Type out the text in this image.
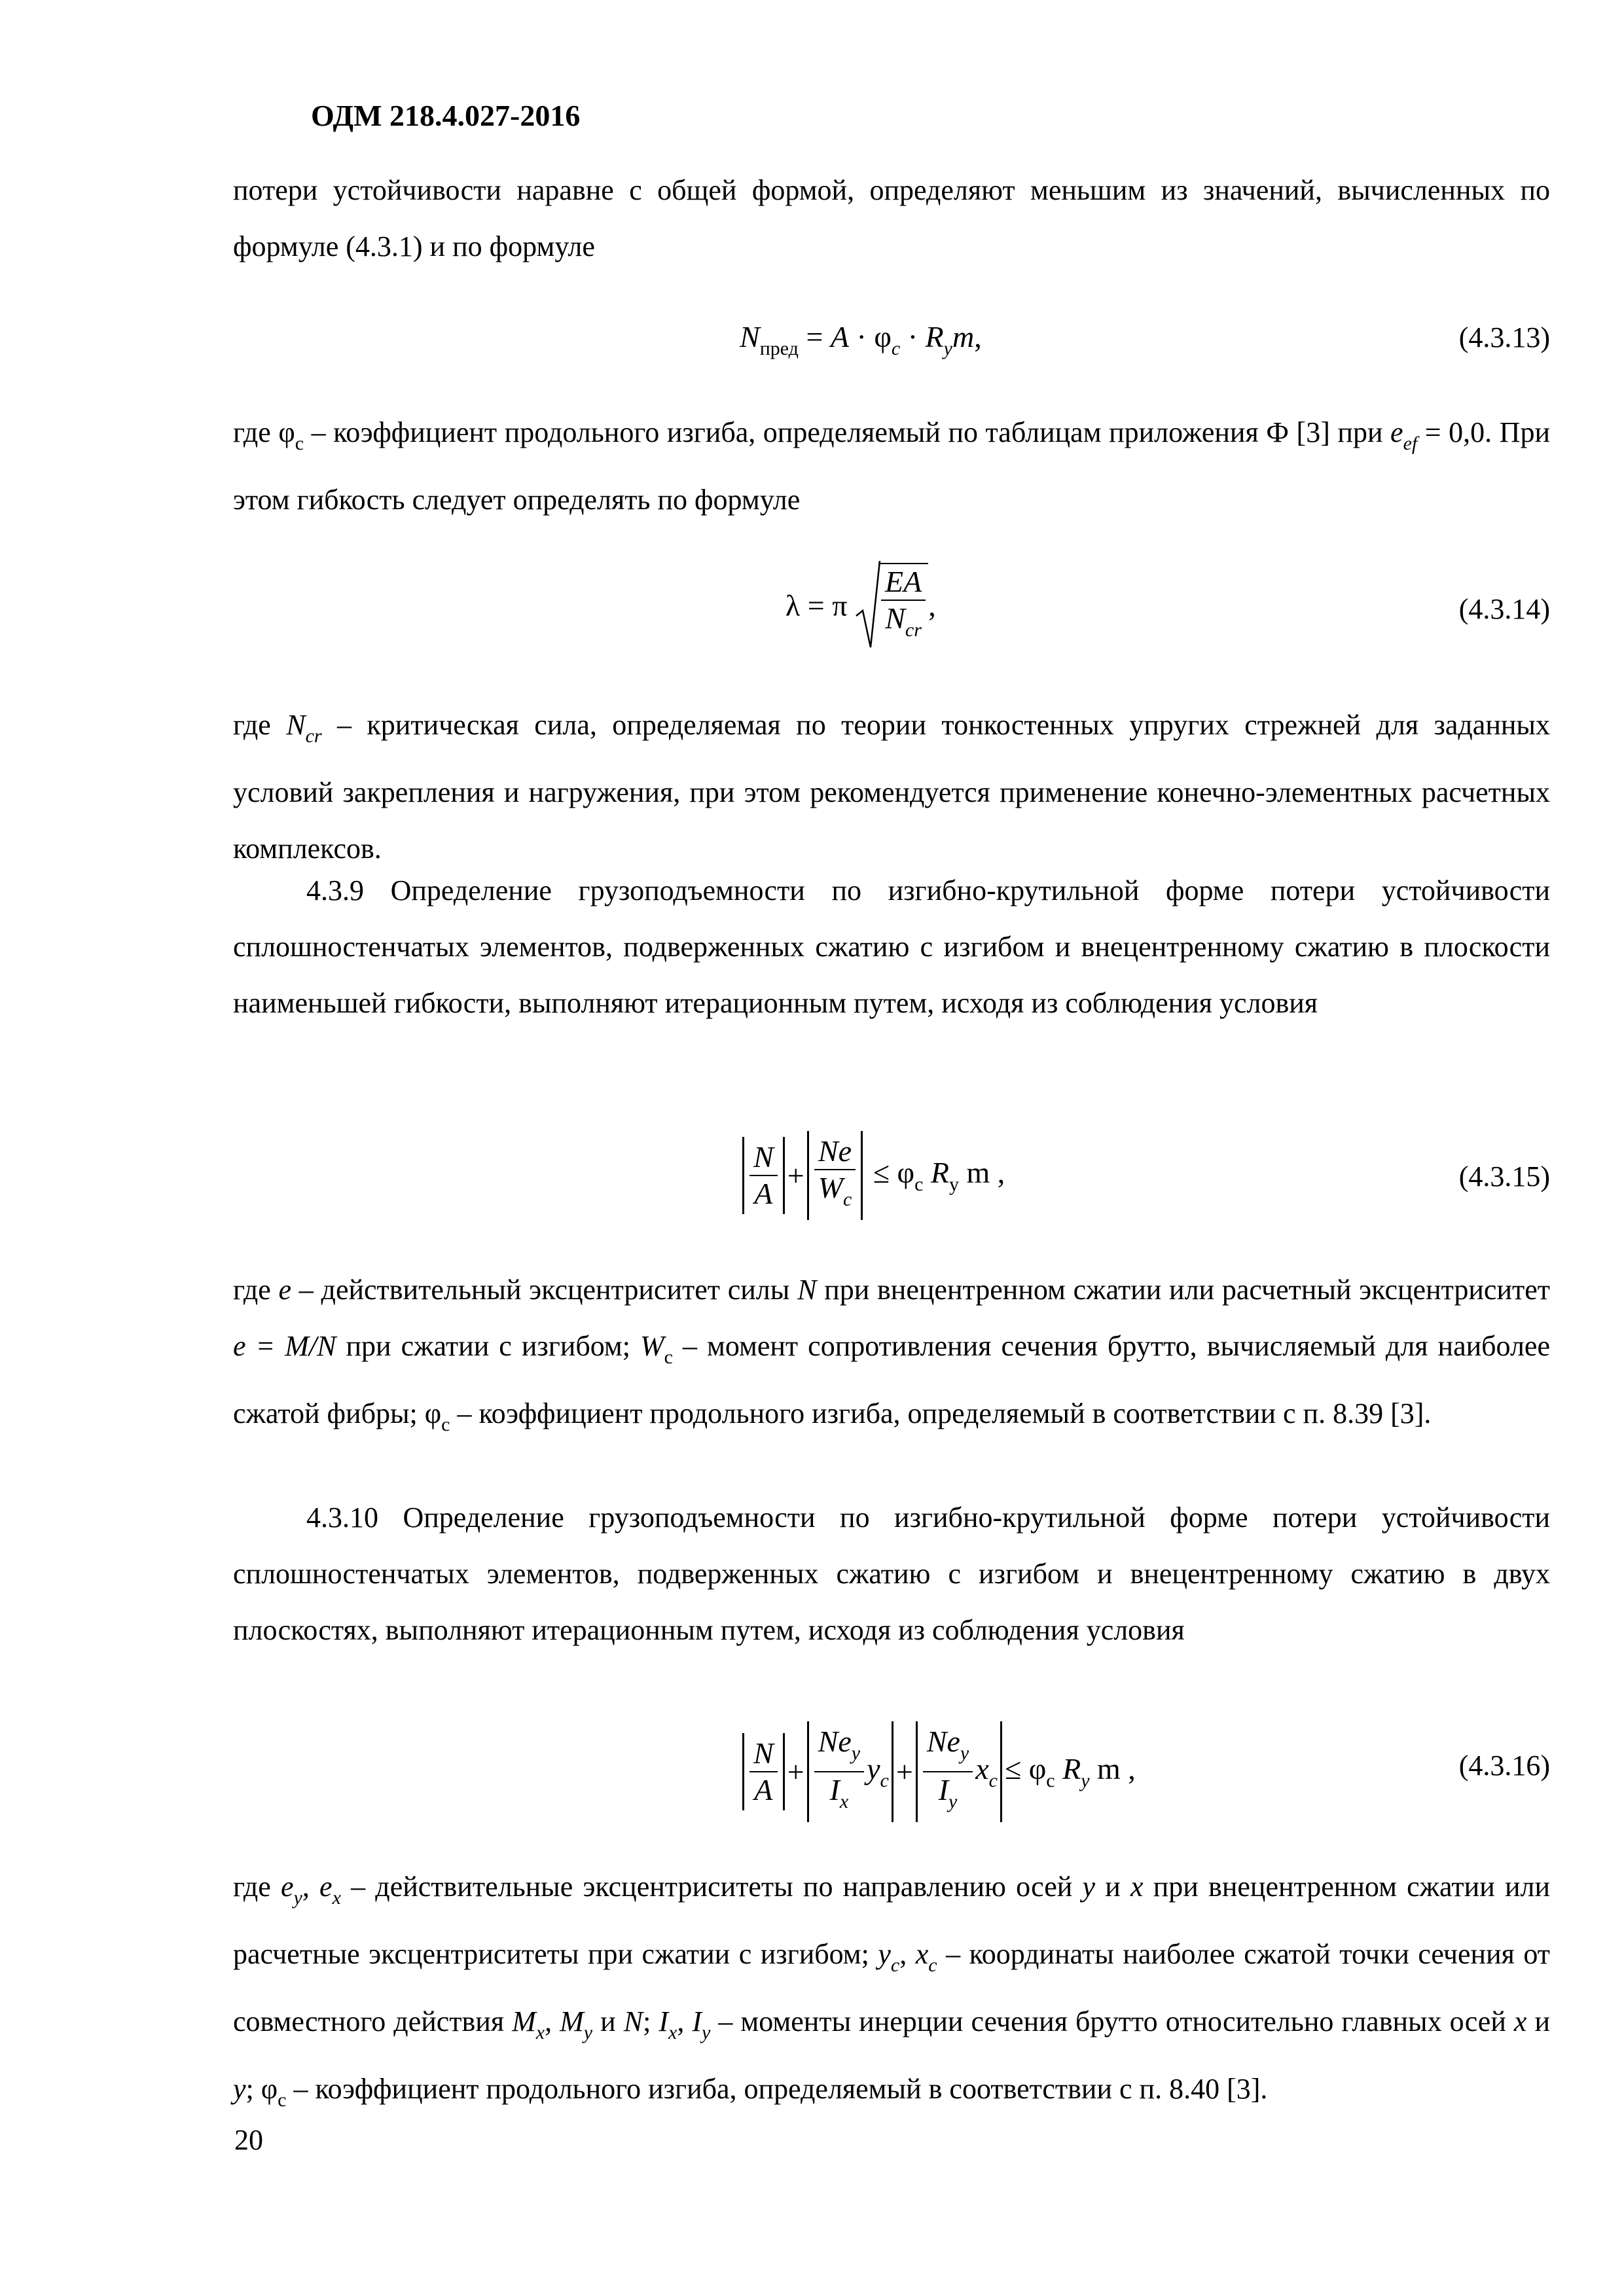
ОДМ 218.4.027-2016
потери устойчивости наравне с общей формой, определяют меньшим из значений, вычисленных по формуле (4.3.1) и по формуле
$N_{пред} = A \cdot \varphi_c \cdot R_ym$,	(4.3.13)
где $\varphi_c$ – коэффициент продольного изгиба, определяемый по таблицам приложения Ф [3] при $e_{ef} = 0,0$. При этом гибкость следует определять по формуле
λ = π $\frac{EA}{N_{cr}}$ ,	(4.3.14)
где $N_{cr}$ – критическая сила, определяемая по теории тонкостенных упругих стрежней для заданных условий закрепления и нагружения, при этом рекомендуется применение конечно-элементных расчетных комплексов.
4.3.9 Определение грузоподъемности по изгибно-крутильной форме потери устойчивости сплошностенчатых элементов, подверженных сжатию с изгибом и внецентренному сжатию в плоскости наименьшей гибкости, выполняют итерационным путем, исходя из соблюдения условия
$\frac{N}{A} + \frac{Ne}{W_c} \le \varphi_c$ $R_y$ m ,	(4.3.15)
где e – действительный эксцентриситет силы N при внецентренном сжатии или расчетный эксцентриситет e = M/N при сжатии с изгибом; $W_c$ – момент сопротивления сечения брутто, вычисляемый для наиболее сжатой фибры; $\varphi_c$ – коэффициент продольного изгиба, определяемый в соответствии с п. 8.39 [3].
4.3.10 Определение грузоподъемности по изгибно-крутильной форме потери устойчивости сплошностенчатых элементов, подверженных сжатию с изгибом и внецентренному сжатию в двух плоскостях, выполняют итерационным путем, исходя из соблюдения условия
$\frac{N}{A} + \frac{Ne_y}{I_x} y_c + \frac{Ne_y}{I_y} x_c \le \varphi_c$ $R_y$ m ,	(4.3.16)
где $e_y$, $e_x$ – действительные эксцентриситеты по направлению осей y и x при внецентренном сжатии или расчетные эксцентриситеты при сжатии с изгибом; $y_c$, $x_c$ – координаты наиболее сжатой точки сечения от совместного действия $M_x$, $M_y$ и N; $I_x$, $I_y$ – моменты инерции сечения брутто относительно главных осей x и y; $\varphi_c$ – коэффициент продольного изгиба, определяемый в соответствии с п. 8.40 [3].
20
